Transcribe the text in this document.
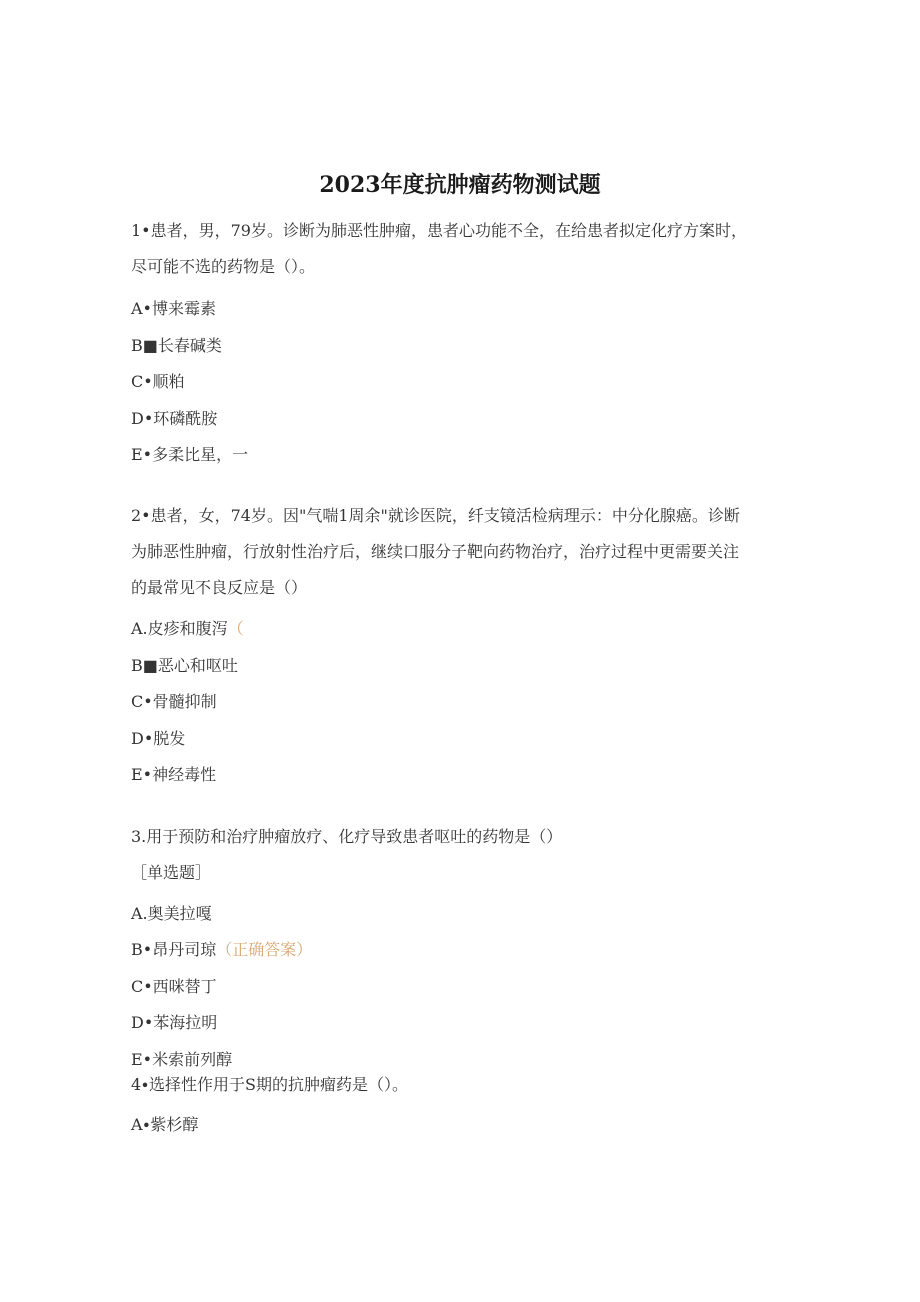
2023年度抗肿瘤药物测试题
1•患者，男，79岁。诊断为肺恶性肿瘤，患者心功能不全，在给患者拟定化疗方案时，
尽可能不选的药物是（）。
A•博来霉素
B■长春碱类
C•顺粕
D•环磷酰胺
E•多柔比星，一
2•患者，女，74岁。因"气喘1周余"就诊医院，纤支镜活检病理示：中分化腺癌。诊断
为肺恶性肿瘤，行放射性治疗后，继续口服分子靶向药物治疗，治疗过程中更需要关注
的最常见不良反应是（）
A.皮疹和腹泻（
B■恶心和呕吐
C•骨髓抑制
D•脱发
E•神经毒性
3.用于预防和治疗肿瘤放疗、化疗导致患者呕吐的药物是（）
［单选题］
A.奥美拉嘎
B•昂丹司琼（正确答案）
C•西咪替丁
D•苯海拉明
E•米索前列醇
4∙选择性作用于S期的抗肿瘤药是（）。
A∙紫杉醇
